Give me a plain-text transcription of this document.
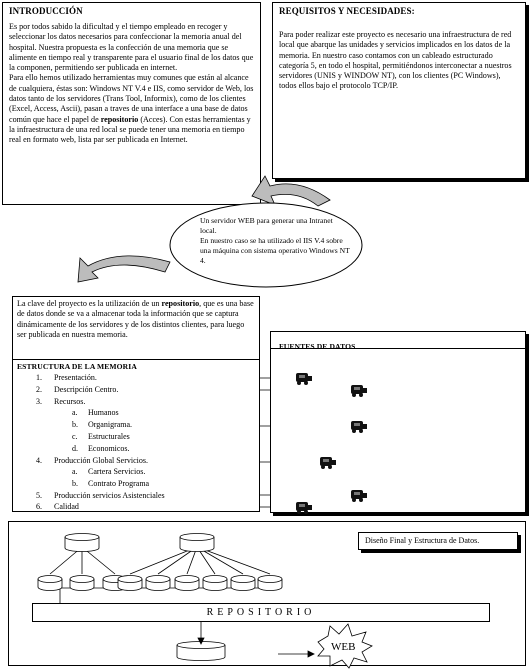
INTRODUCCIÓN
Es por todos sabido la dificultad y el tiempo empleado en recoger y seleccionar los datos necesarios para confeccionar la memoria anual del hospital. Nuestra propuesta es la confección de una memoria que se alimente en tiempo real y transparente para el usuario final de los datos que la componen, permitiendo ser publicada en internet.
Para ello hemos utilizado herramientas muy comunes que están al alcance de cualquiera, éstas son: Windows NT V.4 e IIS, como servidor de Web, los datos tanto de los servidores (Trans Tool, Informix), como de los clientes (Excel, Access, Ascii), pasan a traves de una interface a una base de datos común que hace el papel de repositorio (Acces). Con estas herramientas y la infraestructura de una red local se puede tener una memoria en tiempo real en formato web, lista par ser publicada en Internet.
REQUISITOS Y NECESIDADES:
Para poder realizar este proyecto es necesario una infraestructura de red local que abarque las unidades y servicios implicados en los datos de la memoria. En nuestro caso contamos con un cableado estructurado categoría 5, en todo el hospital, permitiéndonos interconectar a nuestros servidores (UNIS y WINDOW NT), con los clientes (PC Windows), todos ellos bajo el protocolo TCP/IP.
Un servidor WEB para generar una Intranet local.
En nuestro caso se ha utilizado el IIS V.4 sobre una máquina con sistema operativo Windows NT 4.
La clave del proyecto es la utilización de un repositorio, que es una base de datos donde se va a almacenar toda la información que se captura dinámicamente de los servidores y de los distintos clientes, para luego ser publicada en nuestra memoria.
ESTRUCTURA DE LA MEMORIA
1. Presentación.
2. Descripción Centro.
3. Recursos.
a. Humanos
b. Organigrama.
c. Estructurales
d. Economicos.
4. Producción Global Servicios.
a. Cartera Servicios.
b. Contrato Programa
5. Producción servicios Asistenciales
6. Calidad
FUENTES DE DATOS
Diseño Final y Estructura de Datos.
REPOSITORIO
WEB
